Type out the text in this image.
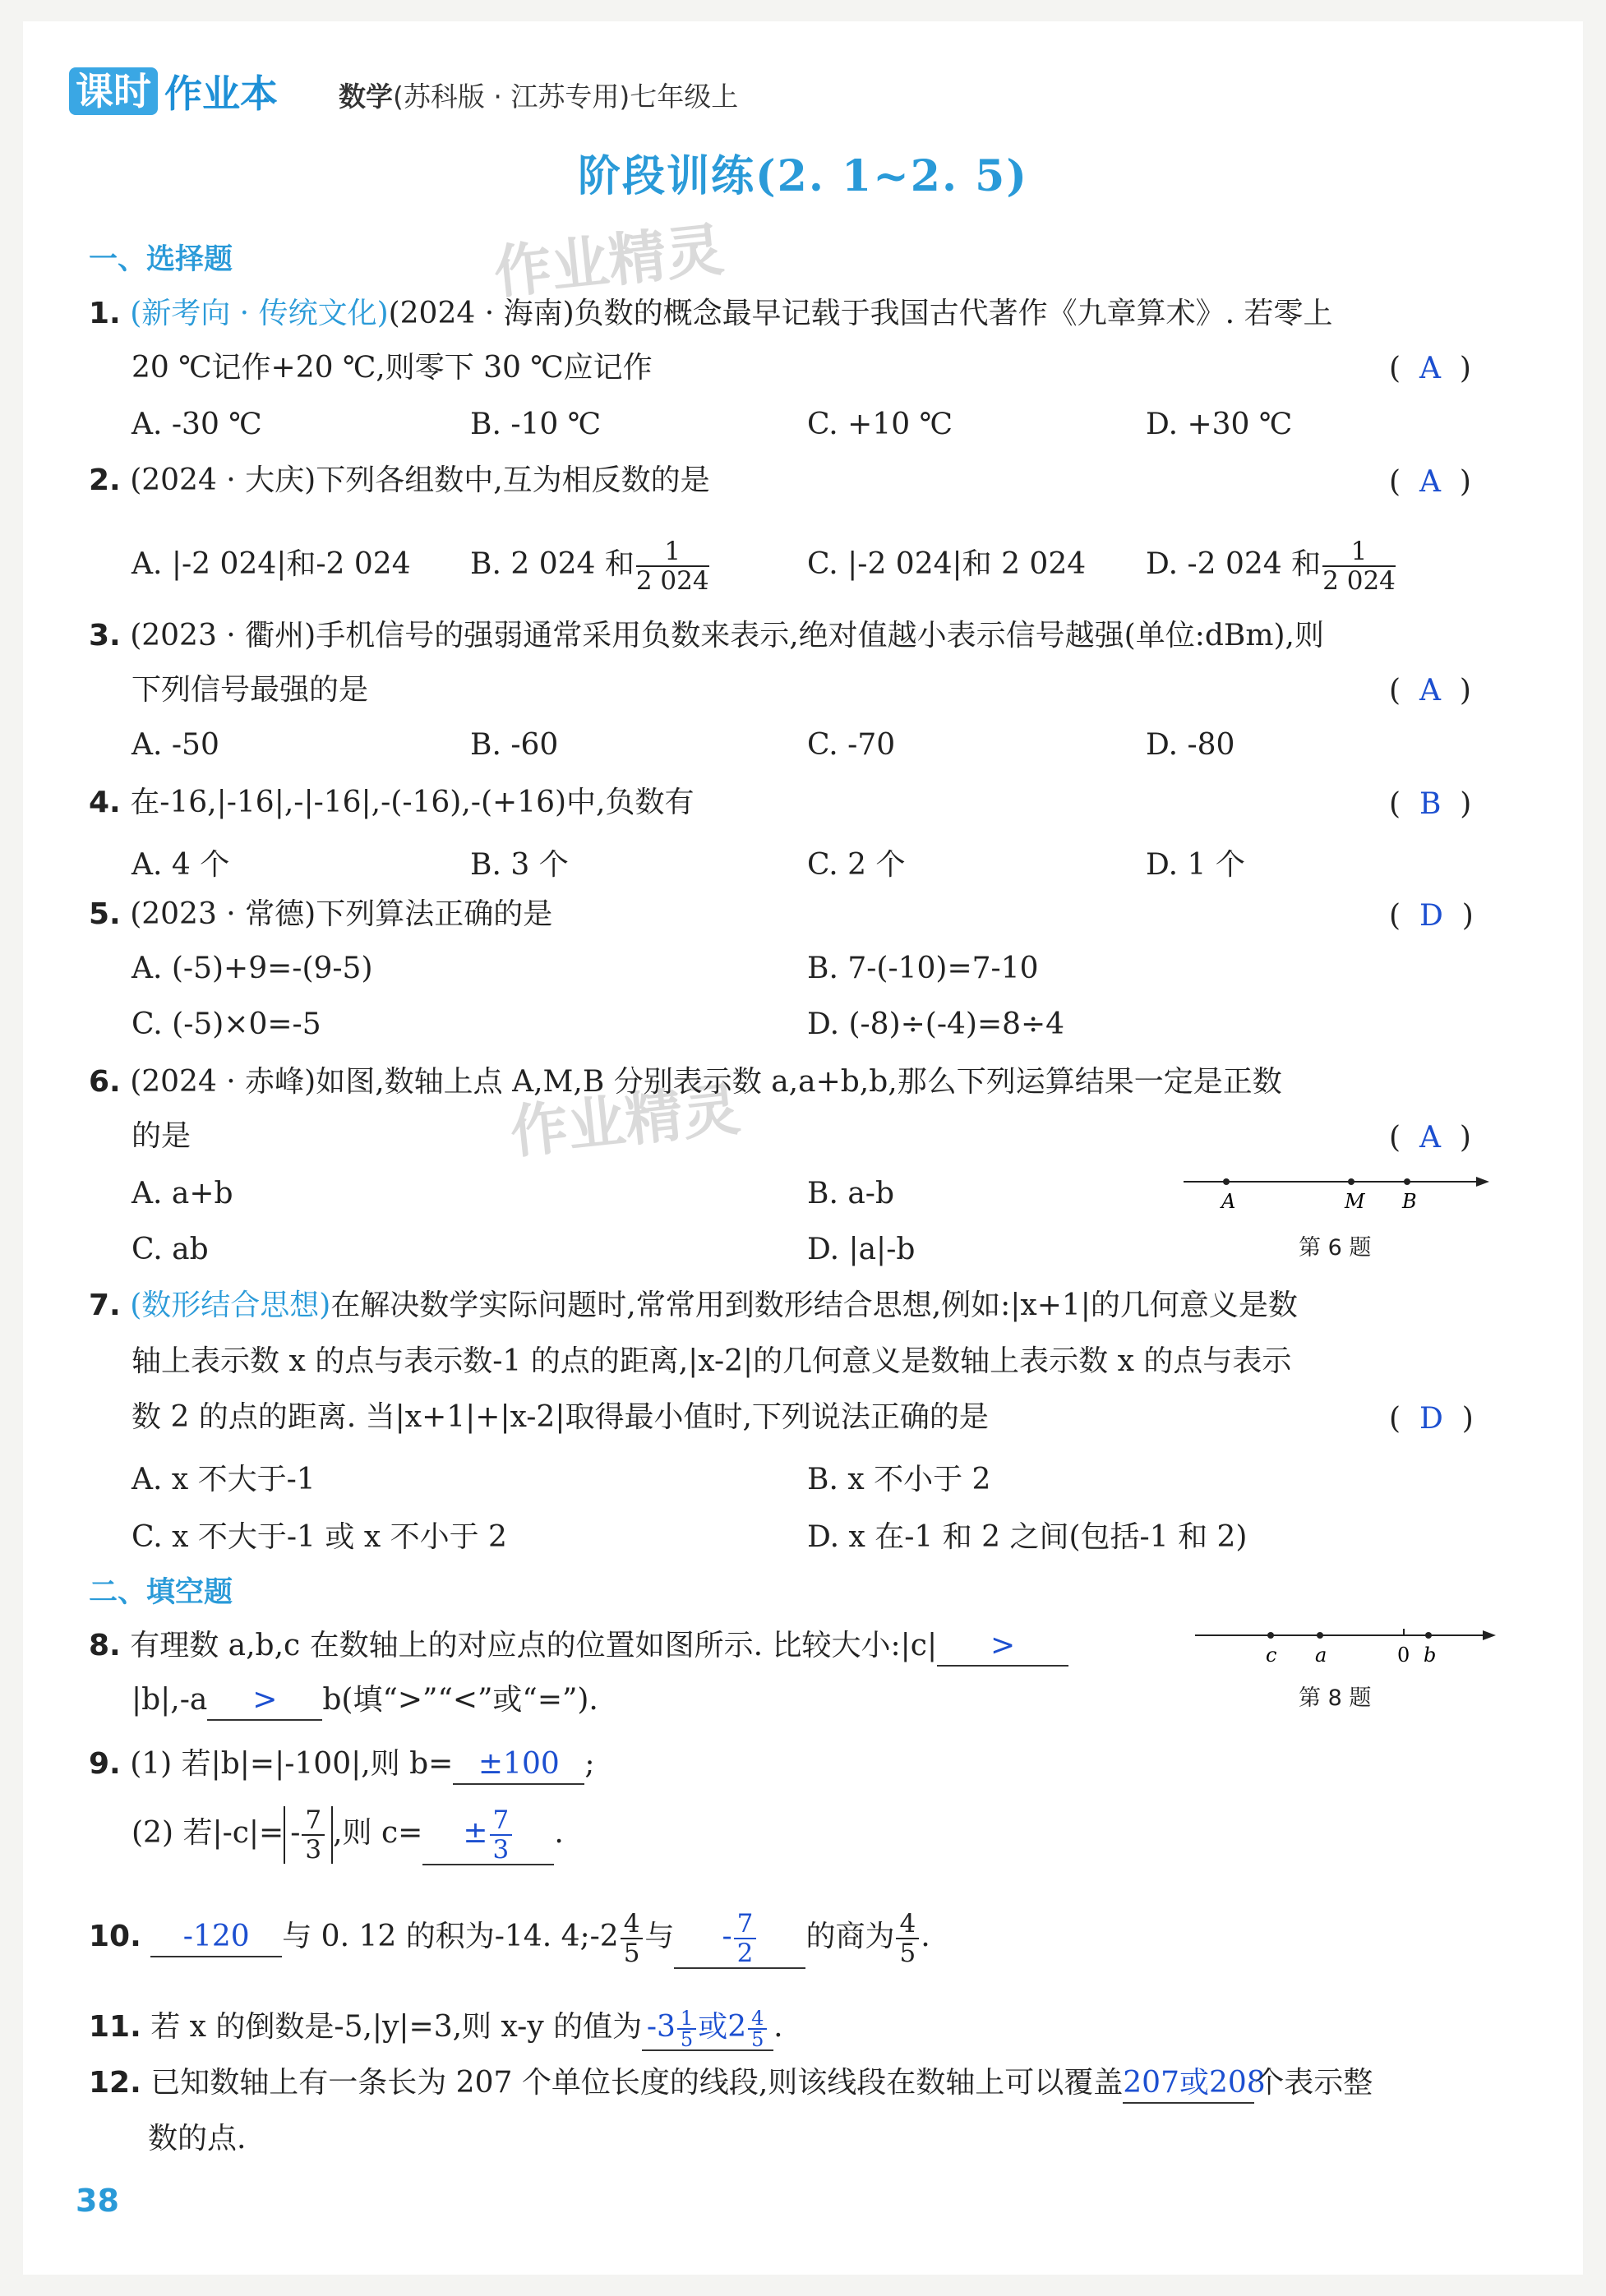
课时 作业本 数学(苏科版 · 江苏专用)七年级上
阶段训练(2. 1~2. 5)
作业精灵
作业精灵
一、选择题
1. (新考向 · 传统文化)(2024 · 海南)负数的概念最早记载于我国古代著作《九章算术》. 若零上
20 ℃记作+20 ℃,则零下 30 ℃应记作	(  A  )
A. -30 ℃	B. -10 ℃	C. +10 ℃	D. +30 ℃
2. (2024 · 大庆)下列各组数中,互为相反数的是	(  A  )
A. |-2 024|和-2 024 B. 2 024 和 $\frac{1}{2 024}$	C. |-2 024|和 2 024 D. -2 024 和 $\frac{1}{2 024}$
3. (2023 · 衢州)手机信号的强弱通常采用负数来表示,绝对值越小表示信号越强(单位:dBm),则
下列信号最强的是	(  A  )
A. -50	B. -60	C. -70	D. -80
4. 在-16,|-16|,-|-16|,-(-16),-(+16)中,负数有	(  B  )
A. 4 个	B. 3 个	C. 2 个	D. 1 个
5. (2023 · 常德)下列算法正确的是	(  D  )
A. (-5)+9=-(9-5)	B. 7-(-10)=7-10
C. (-5)×0=-5	D. (-8)÷(-4)=8÷4
6. (2024 · 赤峰)如图,数轴上点 A,M,B 分别表示数 a,a+b,b,那么下列运算结果一定是正数
的是	(  A  )
A. a+b	B. a-b
C. ab	D. |a|-b
A	M B
第 6 题
7. (数形结合思想)在解决数学实际问题时,常常用到数形结合思想,例如:|x+1|的几何意义是数
轴上表示数 x 的点与表示数-1 的点的距离,|x-2|的几何意义是数轴上表示数 x 的点与表示
数 2 的点的距离. 当|x+1|+|x-2|取得最小值时,下列说法正确的是	(  D  )
A. x 不大于-1	B. x 不小于 2
C. x 不大于-1 或 x 不小于 2	D. x 在-1 和 2 之间(包括-1 和 2)
二、填空题
8. 有理数 a,b,c 在数轴上的对应点的位置如图所示. 比较大小:|c| >
|b|,-a > b(填“>”“<”或“=”).
c a	0 b
第 8 题
9. (1) 若|b|=|-100|,则 b= ±100 ;
(2) 若$|-c|= - \frac{7}{3}$ ,则 $c= \pm \frac{7}{3}$ .
10. -120 与 0. 12 的积为-14. 4;-2 $\frac{4}{5}$ 与 - $\frac{7}{2}$ 的商为 $\frac{4}{5}$ .
11. 若 x 的倒数是-5,|y|=3,则 x-y 的值为 $-3 \frac{1}{5}$ 或$2 \frac{4}{5}$ .
12. 已知数轴上有一条长为 207 个单位长度的线段,则该线段在数轴上可以覆盖207或208个表示整
数的点.
38
